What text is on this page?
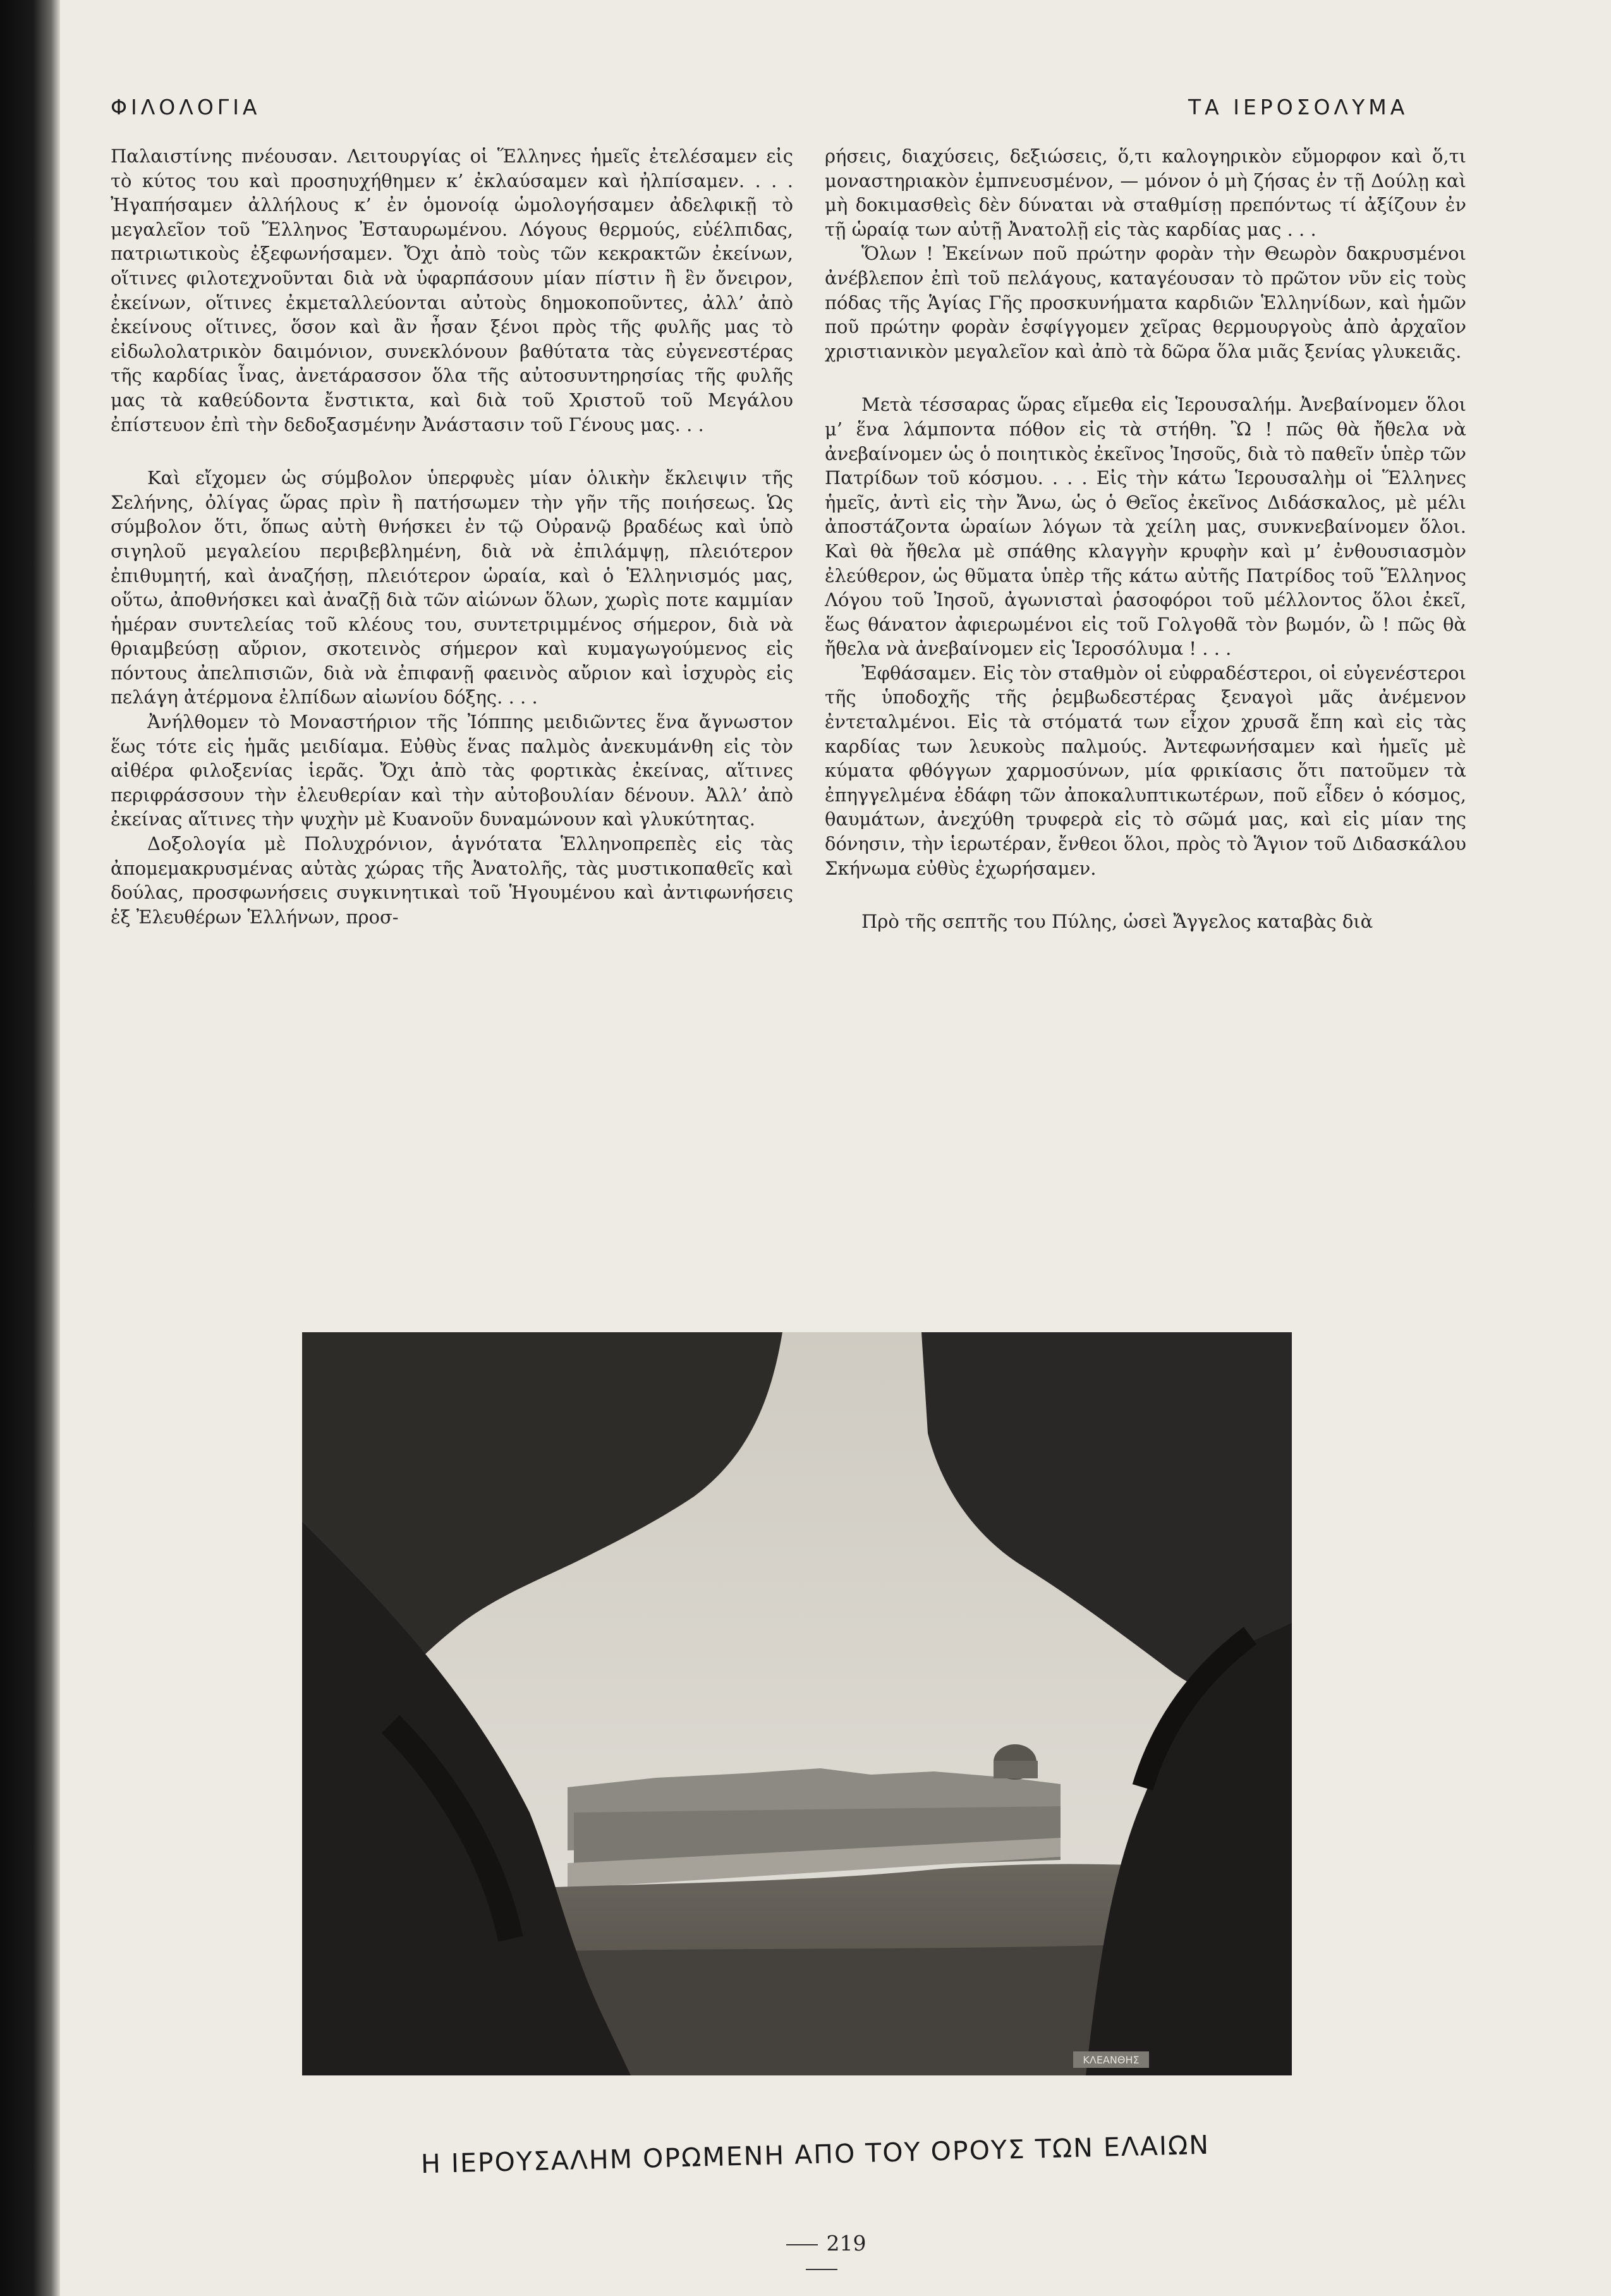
ΦΙΛΟΛΟΓΙΑ	ΤΑ ΙΕΡΟΣΟΛΥΜΑ

Παλαιστίνης πνέουσαν. Λειτουργίας οἱ Ἕλληνες ἡμεῖς ἐτελέσαμεν εἰς τὸ κύτος του καὶ προσηυχήθημεν κ’ ἐκλαύσαμεν καὶ ἠλπίσαμεν. . . . Ἠγαπήσαμεν ἀλλήλους κ’ ἐν ὁμονοίᾳ ὡμολογήσαμεν ἀδελφικῇ τὸ μεγαλεῖον τοῦ Ἕλληνος Ἐσταυρωμένου. Λόγους θερμούς, εὐέλπιδας, πατριωτικοὺς ἐξεφωνήσαμεν. Ὄχι ἀπὸ τοὺς τῶν κεκρακτῶν ἐκείνων, οἵτινες φιλοτεχνοῦνται διὰ νὰ ὑφαρπάσουν μίαν πίστιν ἢ ἓν ὄνειρον, ἐκείνων, οἵτινες ἐκμεταλλεύονται αὐτοὺς δημοκοποῦντες, ἀλλ’ ἀπὸ ἐκείνους οἵτινες, ὅσον καὶ ἂν ἦσαν ξένοι πρὸς τῆς φυλῆς μας τὸ εἰδωλολατρικὸν δαιμόνιον, συνεκλόνουν βαθύτατα τὰς εὐγενεστέρας τῆς καρδίας ἶνας, ἀνετάρασσον ὅλα τῆς αὐτοσυντηρησίας τῆς φυλῆς μας τὰ καθεύδοντα ἔνστικτα, καὶ διὰ τοῦ Χριστοῦ τοῦ Μεγάλου ἐπίστευον ἐπὶ τὴν δεδοξασμένην Ἀνάστασιν τοῦ Γένους μας. . .

Καὶ εἴχομεν ὡς σύμβολον ὑπερφυὲς μίαν ὁλικὴν ἔκλειψιν τῆς Σελήνης, ὀλίγας ὥρας πρὶν ἢ πατήσωμεν τὴν γῆν τῆς ποιήσεως. Ὡς σύμβολον ὅτι, ὅπως αὐτὴ θνήσκει ἐν τῷ Οὐρανῷ βραδέως καὶ ὑπὸ σιγηλοῦ μεγαλείου περιβεβλημένη, διὰ νὰ ἐπιλάμψῃ, πλειότερον ἐπιθυμητή, καὶ ἀναζήσῃ, πλειότερον ὡραία, καὶ ὁ Ἑλληνισμός μας, οὕτω, ἀποθνήσκει καὶ ἀναζῇ διὰ τῶν αἰώνων ὅλων, χωρὶς ποτε καμμίαν ἡμέραν συντελείας τοῦ κλέους του, συντετριμμένος σήμερον, διὰ νὰ θριαμβεύσῃ αὔριον, σκοτεινὸς σήμερον καὶ κυμαγωγούμενος εἰς πόντους ἀπελπισιῶν, διὰ νὰ ἐπιφανῇ φαεινὸς αὔριον καὶ ἰσχυρὸς εἰς πελάγη ἀτέρμονα ἐλπίδων αἰωνίου δόξης. . . .

Ἀνήλθομεν τὸ Μοναστήριον τῆς Ἰόππης μειδιῶντες ἕνα ἄγνωστον ἕως τότε εἰς ἡμᾶς μειδίαμα. Εὐθὺς ἕνας παλμὸς ἀνεκυμάνθη εἰς τὸν αἰθέρα φιλοξενίας ἱερᾶς. Ὄχι ἀπὸ τὰς φορτικὰς ἐκείνας, αἵτινες περιφράσσουν τὴν ἐλευθερίαν καὶ τὴν αὐτοβουλίαν δένουν. Ἀλλ’ ἀπὸ ἐκείνας αἵτινες τὴν ψυχὴν μὲ Κυανοῦν δυναμώνουν καὶ γλυκύτητας.

Δοξολογία μὲ Πολυχρόνιον, ἁγνότατα Ἑλληνοπρεπὲς εἰς τὰς ἀπομεμακρυσμένας αὐτὰς χώρας τῆς Ἀνατολῆς, τὰς μυστικοπαθεῖς καὶ δούλας, προσφωνήσεις συγκινητικαὶ τοῦ Ἡγουμένου καὶ ἀντιφωνήσεις ἐξ Ἐλευθέρων Ἑλλήνων, προσ-

ρήσεις, διαχύσεις, δεξιώσεις, ὅ,τι καλογηρικὸν εὔμορφον καὶ ὅ,τι μοναστηριακὸν ἐμπνευσμένον, — μόνον ὁ μὴ ζήσας ἐν τῇ Δούλῃ καὶ μὴ δοκιμασθεὶς δὲν δύναται νὰ σταθμίσῃ πρεπόντως τί ἀξίζουν ἐν τῇ ὡραίᾳ των αὐτῇ Ἀνατολῇ εἰς τὰς καρδίας μας . . .

Ὅλων ! Ἐκείνων ποῦ πρώτην φορὰν τὴν Θεωρὸν δακρυσμένοι ἀνέβλεπον ἐπὶ τοῦ πελάγους, καταγέουσαν τὸ πρῶτον νῦν εἰς τοὺς πόδας τῆς Ἁγίας Γῆς προσκυνήματα καρδιῶν Ἑλληνίδων, καὶ ἡμῶν ποῦ πρώτην φορὰν ἐσφίγγομεν χεῖρας θερμουργοὺς ἀπὸ ἀρχαῖον χριστιανικὸν μεγαλεῖον καὶ ἀπὸ τὰ δῶρα ὅλα μιᾶς ξενίας γλυκειᾶς.

Μετὰ τέσσαρας ὥρας εἴμεθα εἰς Ἱερουσαλήμ. Ἀνεβαίνομεν ὅλοι μ’ ἕνα λάμποντα πόθον εἰς τὰ στήθη. Ὢ ! πῶς θὰ ἤθελα νὰ ἀνεβαίνομεν ὡς ὁ ποιητικὸς ἐκεῖνος Ἰησοῦς, διὰ τὸ παθεῖν ὑπὲρ τῶν Πατρίδων τοῦ κόσμου. . . . Εἰς τὴν κάτω Ἱερουσαλὴμ οἱ Ἕλληνες ἡμεῖς, ἀντὶ εἰς τὴν Ἄνω, ὡς ὁ Θεῖος ἐκεῖνος Διδάσκαλος, μὲ μέλι ἀποστάζοντα ὡραίων λόγων τὰ χείλη μας, συνκνεβαίνομεν ὅλοι. Καὶ θὰ ἤθελα μὲ σπάθης κλαγγὴν κρυφὴν καὶ μ’ ἐνθουσιασμὸν ἐλεύθερον, ὡς θῦματα ὑπὲρ τῆς κάτω αὐτῆς Πατρίδος τοῦ Ἕλληνος Λόγου τοῦ Ἰησοῦ, ἀγωνισταὶ ῥασοφόροι τοῦ μέλλοντος ὅλοι ἐκεῖ, ἕως θάνατον ἀφιερωμένοι εἰς τοῦ Γολγοθᾶ τὸν βωμόν, ὢ ! πῶς θὰ ἤθελα νὰ ἀνεβαίνομεν εἰς Ἱεροσόλυμα ! . . .

Ἐφθάσαμεν. Εἰς τὸν σταθμὸν οἱ εὐφραδέστεροι, οἱ εὐγενέστεροι τῆς ὑποδοχῆς τῆς ῥεμβωδεστέρας ξεναγοὶ μᾶς ἀνέμενον ἐντεταλμένοι. Εἰς τὰ στόματά των εἶχον χρυσᾶ ἔπη καὶ εἰς τὰς καρδίας των λευκοὺς παλμούς. Ἀντεφωνήσαμεν καὶ ἡμεῖς μὲ κύματα φθόγγων χαρμοσύνων, μία φρικίασις ὅτι πατοῦμεν τὰ ἐπηγγελμένα ἐδάφη τῶν ἀποκαλυπτικωτέρων, ποῦ εἶδεν ὁ κόσμος, θαυμάτων, ἀνεχύθη τρυφερὰ εἰς τὸ σῶμά μας, καὶ εἰς μίαν της δόνησιν, τὴν ἱερωτέραν, ἔνθεοι ὅλοι, πρὸς τὸ Ἅγιον τοῦ Διδασκάλου Σκήνωμα εὐθὺς ἐχωρήσαμεν.

Πρὸ τῆς σεπτῆς του Πύλης, ὡσεὶ Ἄγγελος καταβὰς διὰ

ΚΛΕΑΝΘΗΣ
Η ΙΕΡΟΥΣΑΛΗΜ ΟΡΩΜΕΝΗ ΑΠΟ ΤΟΥ ΟΡΟΥΣ ΤΩΝ ΕΛΑΙΩΝ
219
